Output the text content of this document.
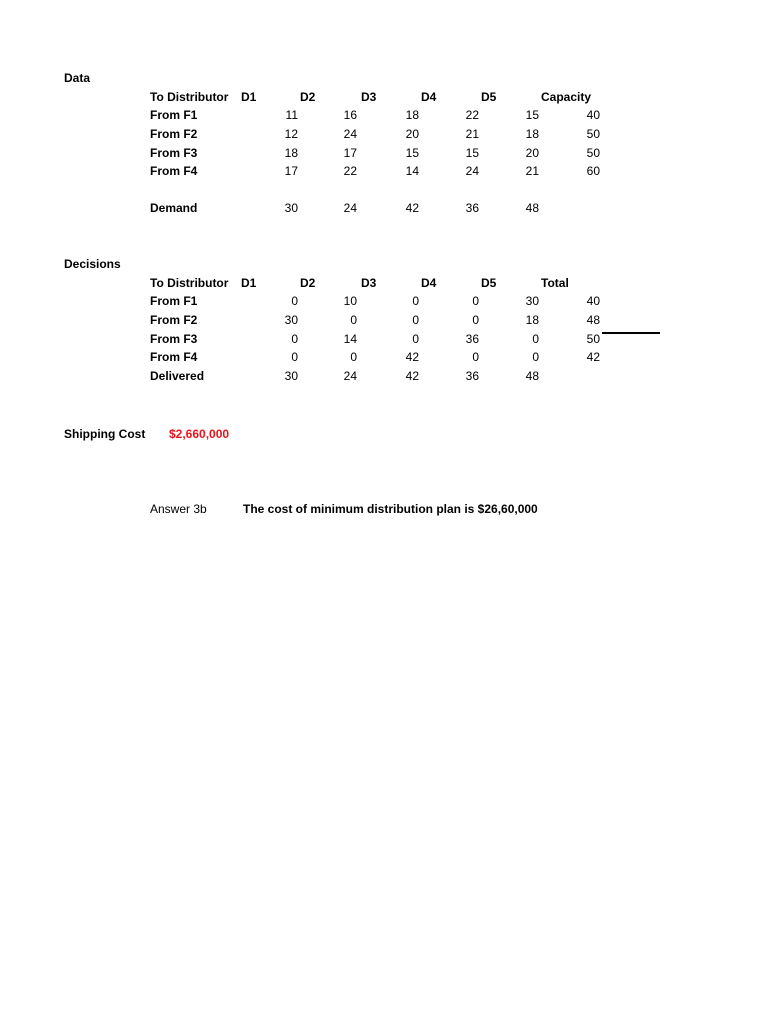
Data
To Distributor D1	D2	D3	D4	D5	Capacity
From F1	11	16	18	22	15	40
From F2	12	24	20	21	18	50
From F3	18	17	15	15	20	50
From F4	17	22	14	24	21	60
Demand	30	24	42	36	48
Decisions
To Distributor D1	D2	D3	D4	D5	Total
From F1	0	10	0	0	30	40
From F2	30	0	0	0	18	48
From F3	0	14	0	36	0	50
From F4	0	0	42	0	0	42
Delivered	30	24	42	36	48
Shipping Cost $2,660,000
Answer 3b	The cost of minimum distribution plan is $26,60,000
